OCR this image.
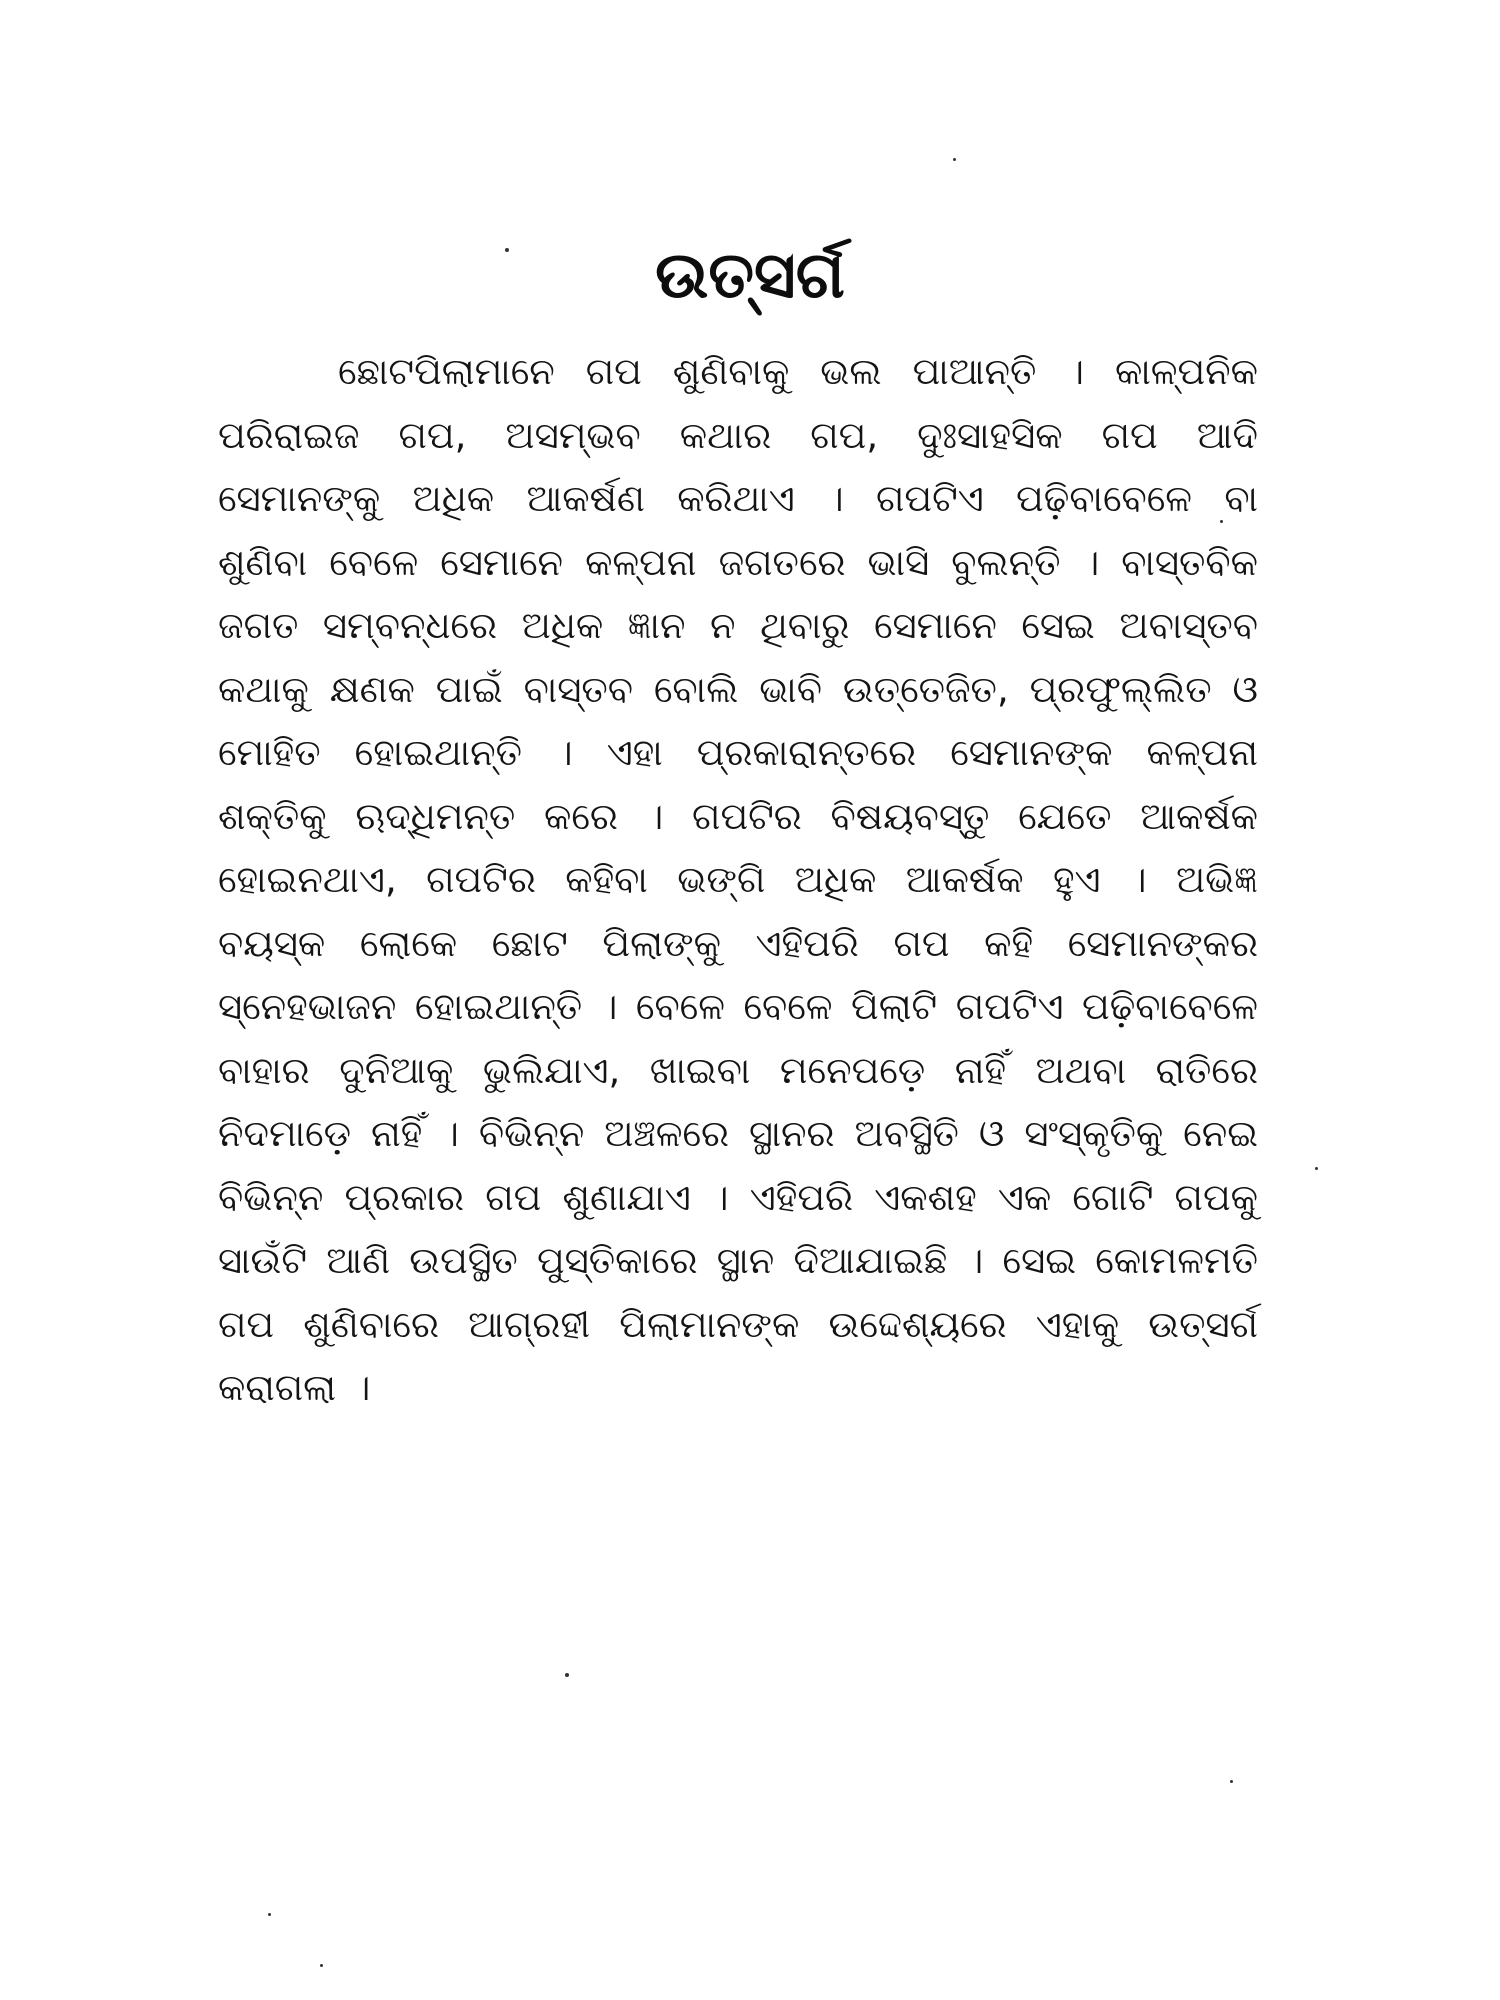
ଉତ୍ସର୍ଗ

ଛୋଟପିଲାମାନେ ଗପ ଶୁଣିବାକୁ ଭଲ ପାଆନ୍ତି । କାଳ୍ପନିକ ପରିରାଇଜ ଗପ, ଅସମ୍ଭବ କଥାର ଗପ, ଦୁଃସାହସିକ ଗପ ଆଦି ସେମାନଙ୍କୁ ଅଧିକ ଆକର୍ଷଣ କରିଥାଏ । ଗପଟିଏ ପଢ଼ିବାବେଳେ ବା ଶୁଣିବା ବେଳେ ସେମାନେ କଳ୍ପନା ଜଗତରେ ଭାସି ବୁଲନ୍ତି । ବାସ୍ତବିକ ଜଗତ ସମ୍ବନ୍ଧରେ ଅଧିକ ଜ୍ଞାନ ନ ଥିବାରୁ ସେମାନେ ସେଇ ଅବାସ୍ତବ କଥାକୁ କ୍ଷଣକ ପାଇଁ ବାସ୍ତବ ବୋଲି ଭାବି ଉତ୍ତେଜିତ, ପ୍ରଫୁଲ୍ଲିତ ଓ ମୋହିତ ହୋଇଥାନ୍ତି । ଏହା ପ୍ରକାରାନ୍ତରେ ସେମାନଙ୍କ କଳ୍ପନା ଶକ୍ତିକୁ ଋଦ୍ଧିମନ୍ତ କରେ । ଗପଟିର ବିଷୟବସ୍ତୁ ଯେତେ ଆକର୍ଷକ ହୋଇନଥାଏ, ଗପଟିର କହିବା ଭଙ୍ଗି ଅଧିକ ଆକର୍ଷକ ହୁଏ । ଅଭିଜ୍ଞ ବୟସ୍କ ଲୋକେ ଛୋଟ ପିଲାଙ୍କୁ ଏହିପରି ଗପ କହି ସେମାନଙ୍କର ସ୍ନେହଭାଜନ ହୋଇଥାନ୍ତି । ବେଳେ ବେଳେ ପିଲାଟି ଗପଟିଏ ପଢ଼ିବାବେଳେ ବାହାର ଦୁନିଆକୁ ଭୁଲିଯାଏ, ଖାଇବା ମନେପଡ଼େ ନାହିଁ ଅଥବା ରାତିରେ ନିଦମାଡ଼େ ନାହିଁ । ବିଭିନ୍ନ ଅଞ୍ଚଳରେ ସ୍ଥାନର ଅବସ୍ଥିତି ଓ ସଂସ୍କୃତିକୁ ନେଇ ବିଭିନ୍ନ ପ୍ରକାର ଗପ ଶୁଣାଯାଏ । ଏହିପରି ଏକଶହ ଏକ ଗୋଟି ଗପକୁ ସାଉଁଟି ଆଣି ଉପସ୍ଥିତ ପୁସ୍ତିକାରେ ସ୍ଥାନ ଦିଆଯାଇଛି । ସେଇ କୋମଳମତି ଗପ ଶୁଣିବାରେ ଆଗ୍ରହୀ ପିଲାମାନଙ୍କ ଉଦ୍ଦେଶ୍ୟରେ ଏହାକୁ ଉତ୍ସର୍ଗ କରାଗଲା ।
